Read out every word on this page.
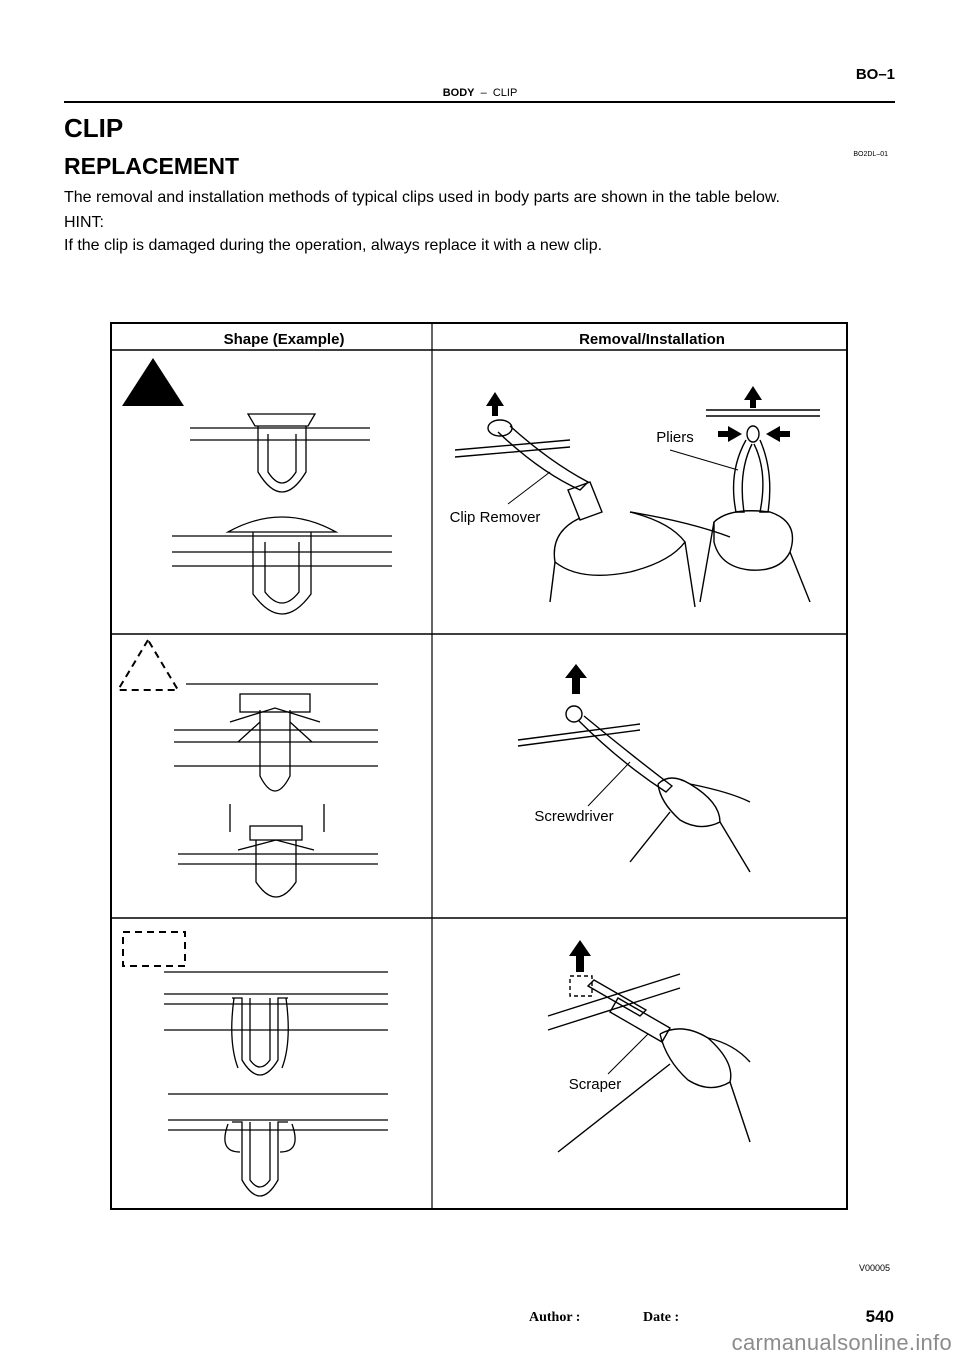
BO–1
BODY – CLIP
CLIP
REPLACEMENT	BO2DL–01
The removal and installation methods of typical clips used in body parts are shown in the table below.
HINT:
If the clip is damaged during the operation, always replace it with a new clip.
Shape (Example)	Removal/Installation
Pliers
Clip Remover
Screwdriver
Scraper
V00005
Author :	Date :	540
carmanualsonline.info
